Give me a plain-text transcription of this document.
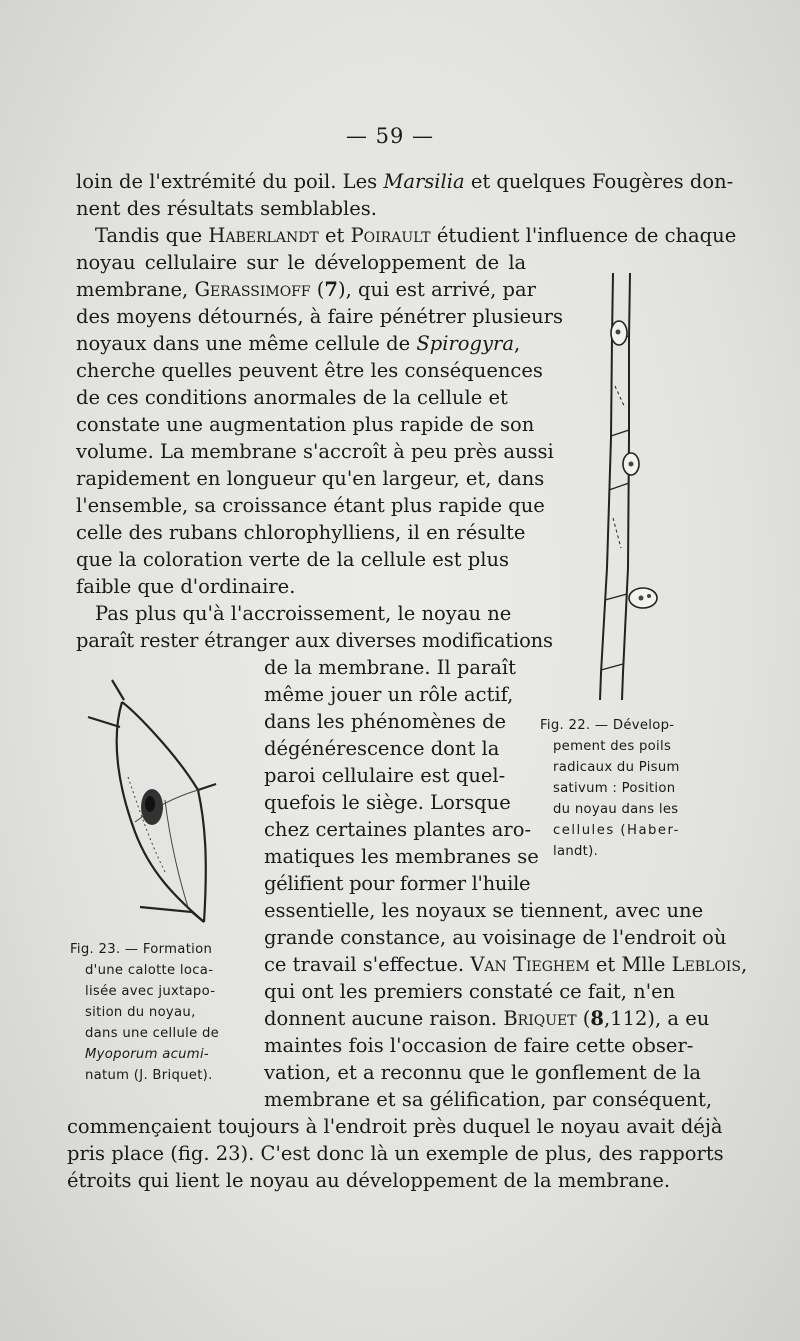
— 59 —
loin de l'extrémité du poil. Les Marsilia et quelques Fougères don-
nent des résultats semblables.
Tandis que Haberlandt et Poirault étudient l'influence de chaque
noyau cellulaire sur le développement de la
membrane, Gerassimoff (7), qui est arrivé, par
des moyens détournés, à faire pénétrer plusieurs
noyaux dans une même cellule de Spirogyra,
cherche quelles peuvent être les conséquences
de ces conditions anormales de la cellule et
constate une augmentation plus rapide de son
volume. La membrane s'accroît à peu près aussi
rapidement en longueur qu'en largeur, et, dans
l'ensemble, sa croissance étant plus rapide que
celle des rubans chlorophylliens, il en résulte
que la coloration verte de la cellule est plus
faible que d'ordinaire.
Pas plus qu'à l'accroissement, le noyau ne
paraît rester étranger aux diverses modifications
de la membrane. Il paraît
même jouer un rôle actif,
dans les phénomènes de
dégénérescence dont la
paroi cellulaire est quel-
quefois le siège. Lorsque
chez certaines plantes aro-
matiques les membranes se
gélifient pour former l'huile
essentielle, les noyaux se tiennent, avec une
grande constance, au voisinage de l'endroit où
ce travail s'effectue. Van Tieghem et Mlle Leblois,
qui ont les premiers constaté ce fait, n'en
donnent aucune raison. Briquet (8,112), a eu
maintes fois l'occasion de faire cette obser-
vation, et a reconnu que le gonflement de la
membrane et sa gélification, par conséquent,
commençaient toujours à l'endroit près duquel le noyau avait déjà
pris place (fig. 23). C'est donc là un exemple de plus, des rapports
étroits qui lient le noyau au développement de la membrane.
Fig. 22. — Dévelop-
pement des poils
radicaux du Pisum
sativum : Position
du noyau dans les
cellules (Haber-
landt).
Fig. 23. — Formation
d'une calotte loca-
lisée avec juxtapo-
sition du noyau,
dans une cellule de
Myoporum acumi-
natum (J. Briquet).
